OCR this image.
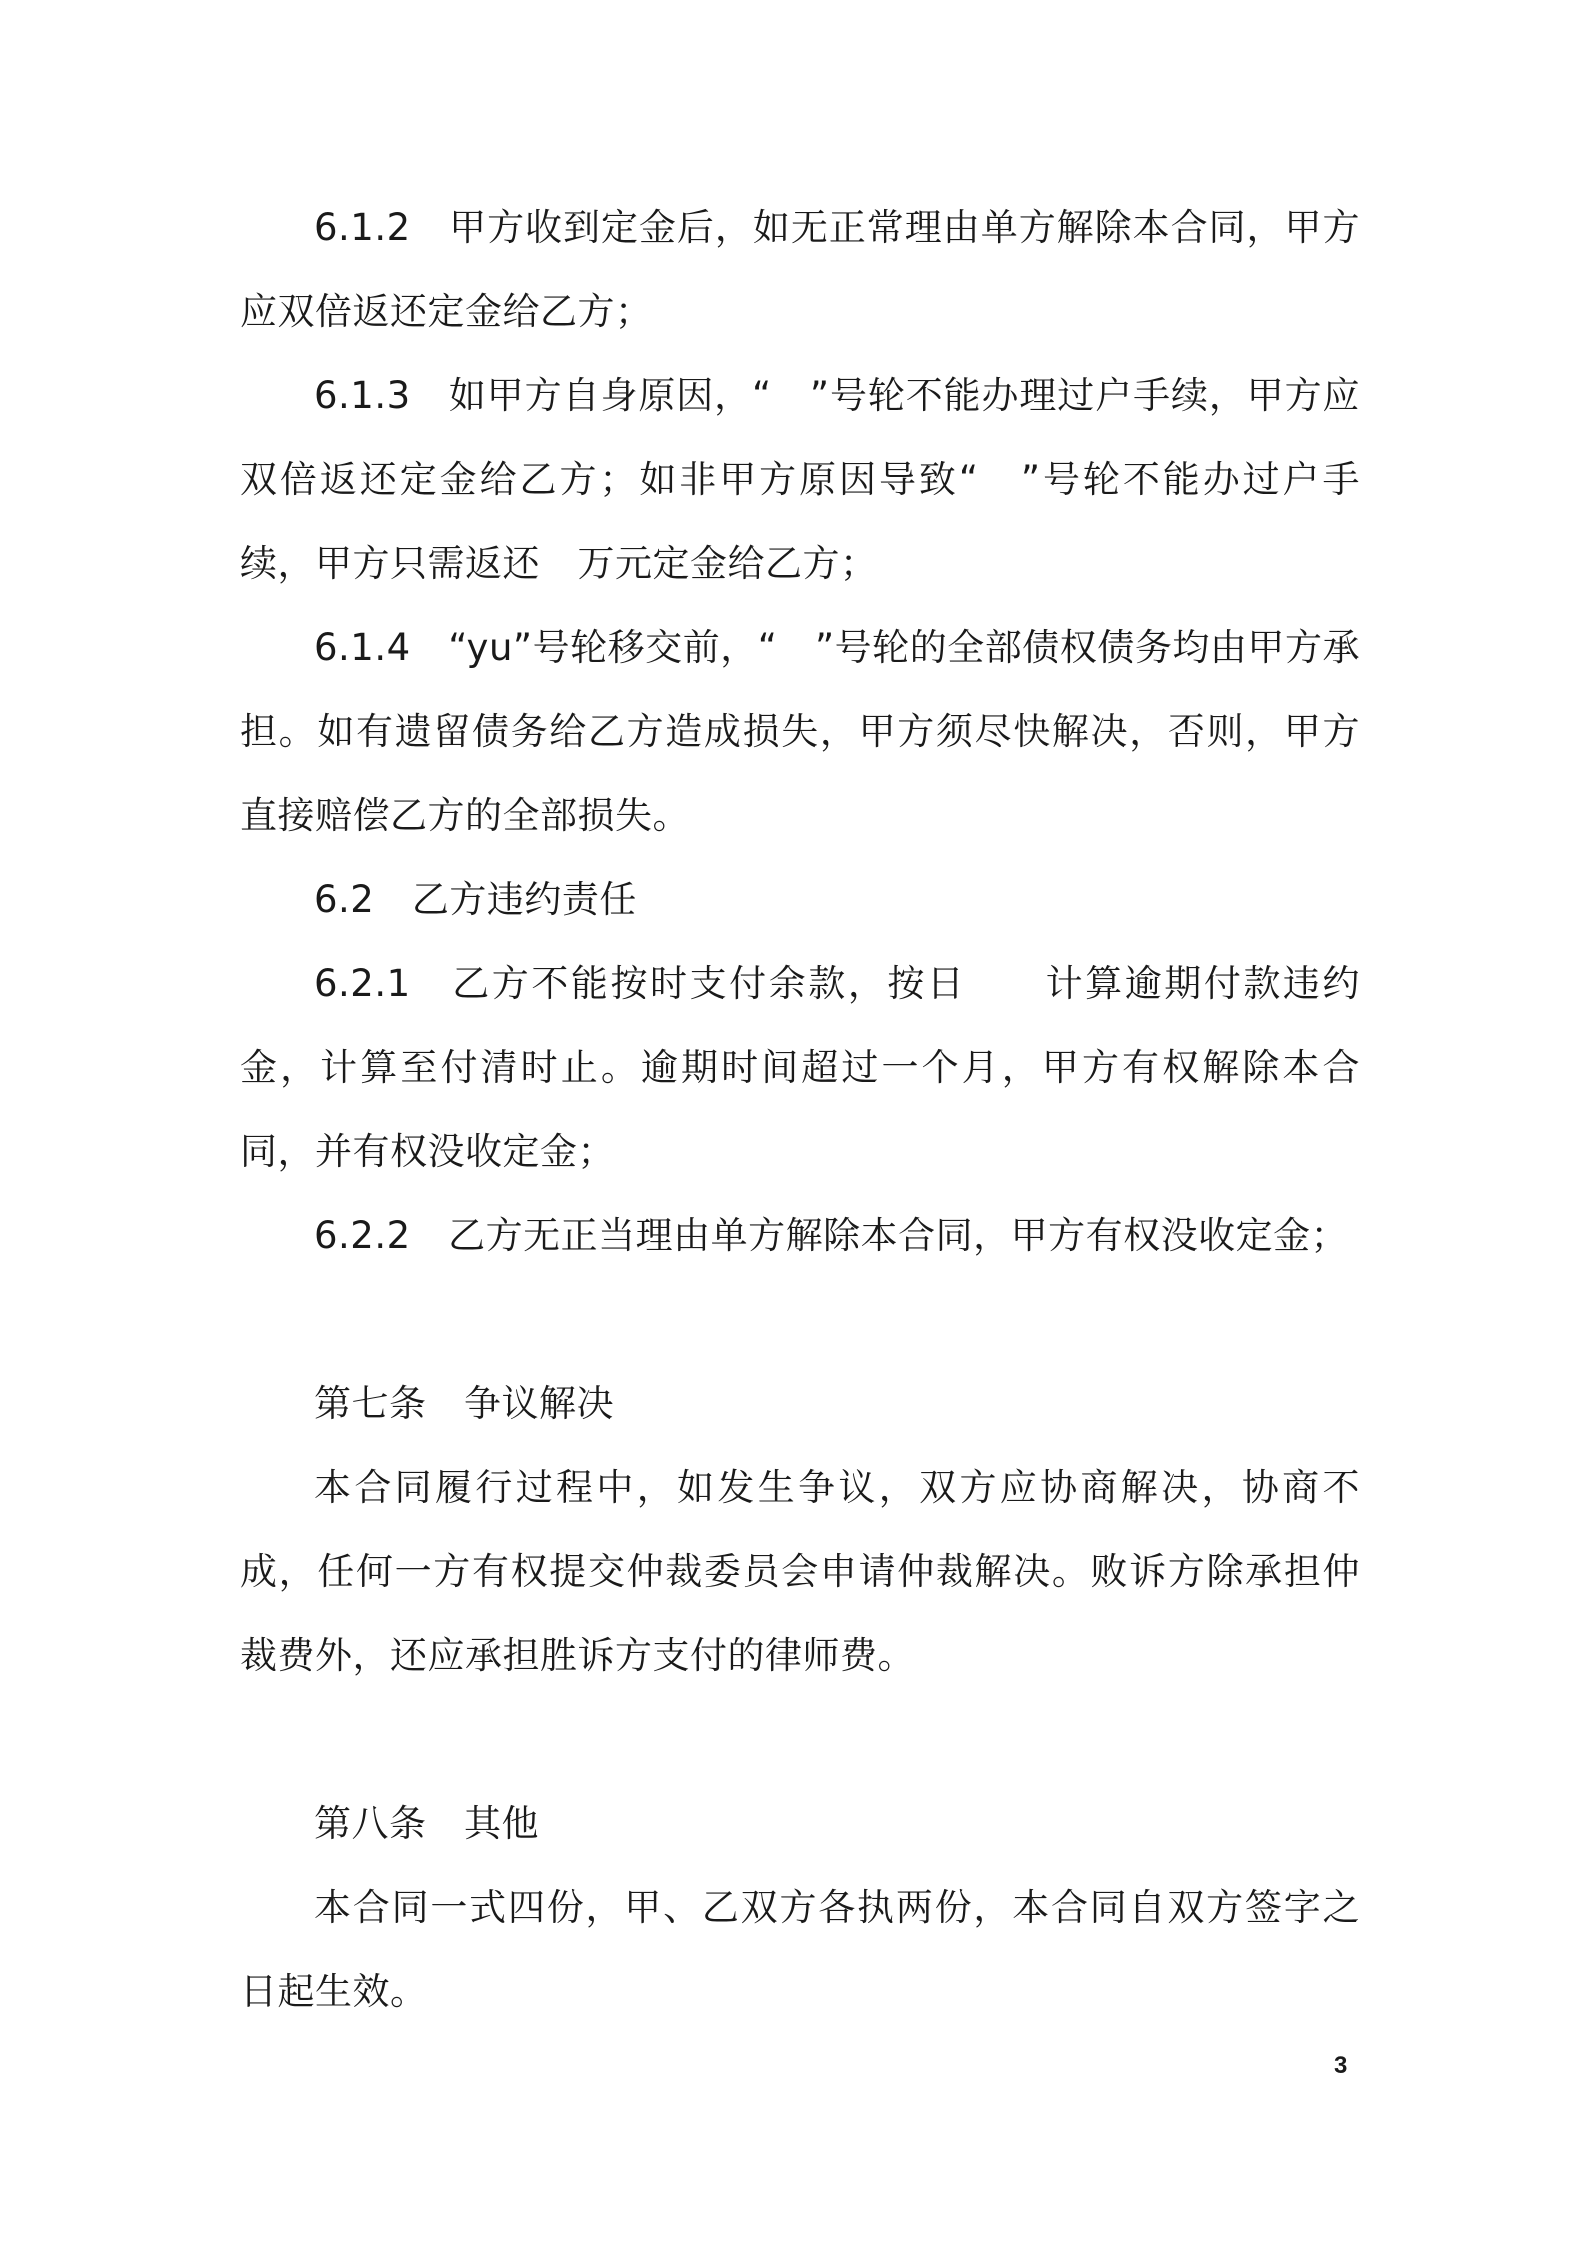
6.1.2　甲方收到定金后，如无正常理由单方解除本合同，甲方应双倍返还定金给乙方；

6.1.3　如甲方自身原因，“　”号轮不能办理过户手续，甲方应双倍返还定金给乙方；如非甲方原因导致“　”号轮不能办过户手续，甲方只需返还　万元定金给乙方；

6.1.4　“yu”号轮移交前，“　”号轮的全部债权债务均由甲方承担。如有遗留债务给乙方造成损失，甲方须尽快解决，否则，甲方直接赔偿乙方的全部损失。

6.2　乙方违约责任

6.2.1　乙方不能按时支付余款，按日　　计算逾期付款违约金，计算至付清时止。逾期时间超过一个月，甲方有权解除本合同，并有权没收定金；

6.2.2　乙方无正当理由单方解除本合同，甲方有权没收定金；

第七条　争议解决

本合同履行过程中，如发生争议，双方应协商解决，协商不成，任何一方有权提交仲裁委员会申请仲裁解决。败诉方除承担仲裁费外，还应承担胜诉方支付的律师费。

第八条　其他

本合同一式四份，甲、乙双方各执两份，本合同自双方签字之日起生效。

3
